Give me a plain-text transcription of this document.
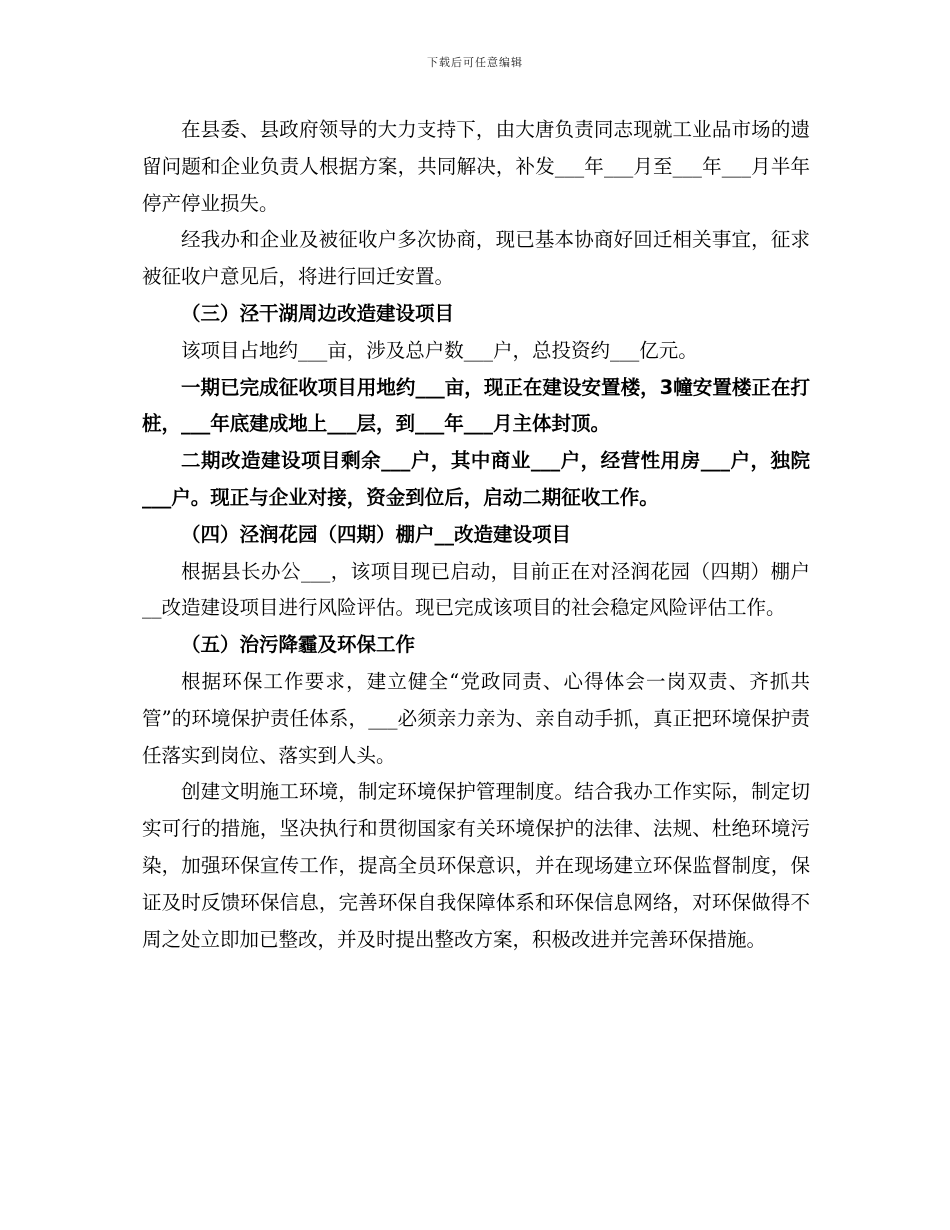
下载后可任意编辑

在县委、县政府领导的大力支持下，由大唐负责同志现就工业品市场的遗留问题和企业负责人根据方案，共同解决，补发___年___月至___年___月半年停产停业损失。

经我办和企业及被征收户多次协商，现已基本协商好回迁相关事宜，征求被征收户意见后，将进行回迁安置。

（三）泾干湖周边改造建设项目

该项目占地约___亩，涉及总户数___户，总投资约___亿元。

一期已完成征收项目用地约___亩，现正在建设安置楼，3幢安置楼正在打桩，___年底建成地上___层，到___年___月主体封顶。

二期改造建设项目剩余___户，其中商业___户，经营性用房___户，独院___户。现正与企业对接，资金到位后，启动二期征收工作。

（四）泾润花园（四期）棚户__改造建设项目

根据县长办公___，该项目现已启动，目前正在对泾润花园（四期）棚户__改造建设项目进行风险评估。现已完成该项目的社会稳定风险评估工作。

（五）治污降霾及环保工作

根据环保工作要求，建立健全“党政同责、心得体会一岗双责、齐抓共管”的环境保护责任体系，___必须亲力亲为、亲自动手抓，真正把环境保护责任落实到岗位、落实到人头。

创建文明施工环境，制定环境保护管理制度。结合我办工作实际，制定切实可行的措施，坚决执行和贯彻国家有关环境保护的法律、法规、杜绝环境污染，加强环保宣传工作，提高全员环保意识，并在现场建立环保监督制度，保证及时反馈环保信息，完善环保自我保障体系和环保信息网络，对环保做得不周之处立即加已整改，并及时提出整改方案，积极改进并完善环保措施。
